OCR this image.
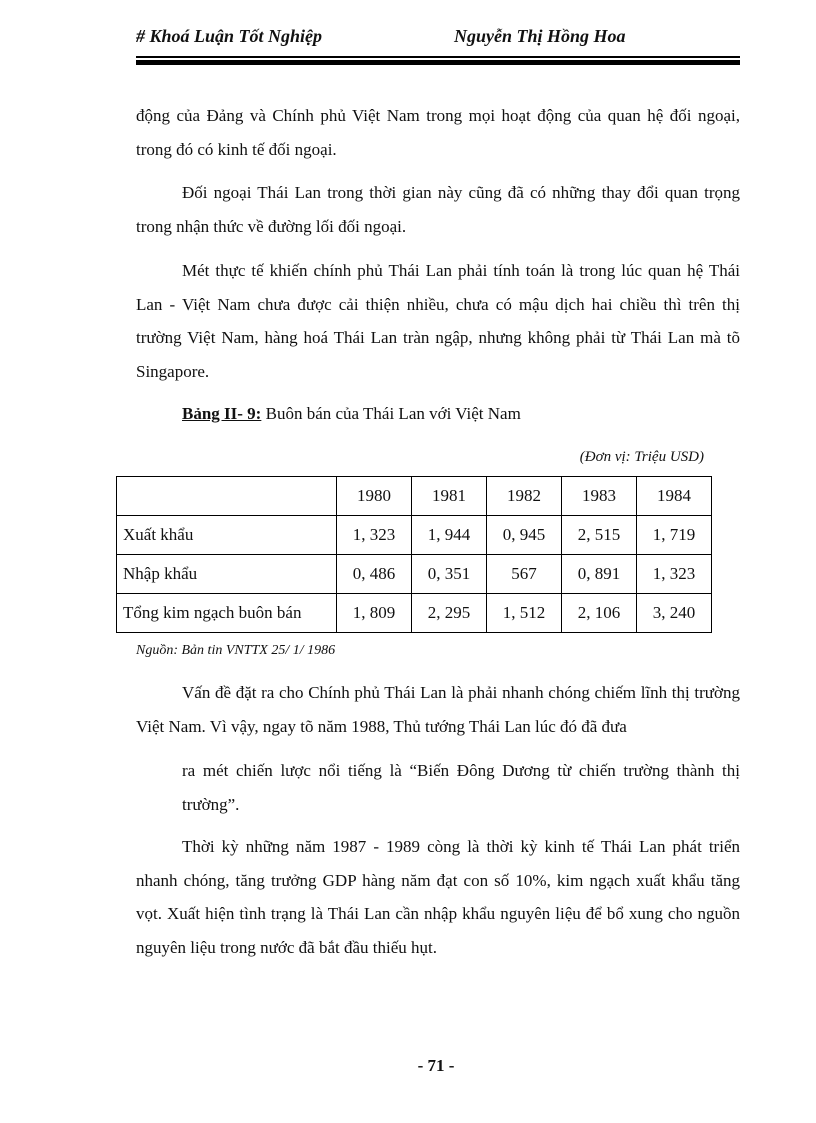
# Khoá Luận Tốt Nghiệp	Nguyễn Thị Hồng Hoa

động của Đảng và Chính phủ Việt Nam trong mọi hoạt động của quan hệ đối ngoại, trong đó có kinh tế đối ngoại.

Đối ngoại Thái Lan trong thời gian này cũng đã có những thay đổi quan trọng trong nhận thức về đường lối đối ngoại.

Mét thực tế khiến chính phủ Thái Lan phải tính toán là trong lúc quan hệ Thái Lan - Việt Nam chưa được cải thiện nhiều, chưa có mậu dịch hai chiều thì trên thị trường Việt Nam, hàng hoá Thái Lan tràn ngập, nhưng không phải từ Thái Lan mà tõ Singapore.

Bảng II- 9: Buôn bán của Thái Lan với Việt Nam
(Đơn vị: Triệu USD)
	1980	1981	1982	1983	1984
Xuất khẩu	1, 323	1, 944	0, 945	2, 515	1, 719
Nhập khẩu	0, 486	0, 351	567	0, 891	1, 323
Tổng kim ngạch buôn bán	1, 809	2, 295	1, 512	2, 106	3, 240
Nguồn: Bản tin VNTTX 25/ 1/ 1986

Vấn đề đặt ra cho Chính phủ Thái Lan là phải nhanh chóng chiếm lĩnh thị trường Việt Nam. Vì vậy, ngay tõ năm 1988, Thủ tướng Thái Lan lúc đó đã đưa

ra mét chiến lược nổi tiếng là “Biến Đông Dương từ chiến trường thành thị trường”.

Thời kỳ những năm 1987 - 1989 còng là thời kỳ kinh tế Thái Lan phát triển nhanh chóng, tăng trưởng GDP hàng năm đạt con số 10%, kim ngạch xuất khẩu tăng vọt. Xuất hiện tình trạng là Thái Lan cần nhập khẩu nguyên liệu để bổ xung cho nguồn nguyên liệu trong nước đã bắt đầu thiếu hụt.

- 71 -
